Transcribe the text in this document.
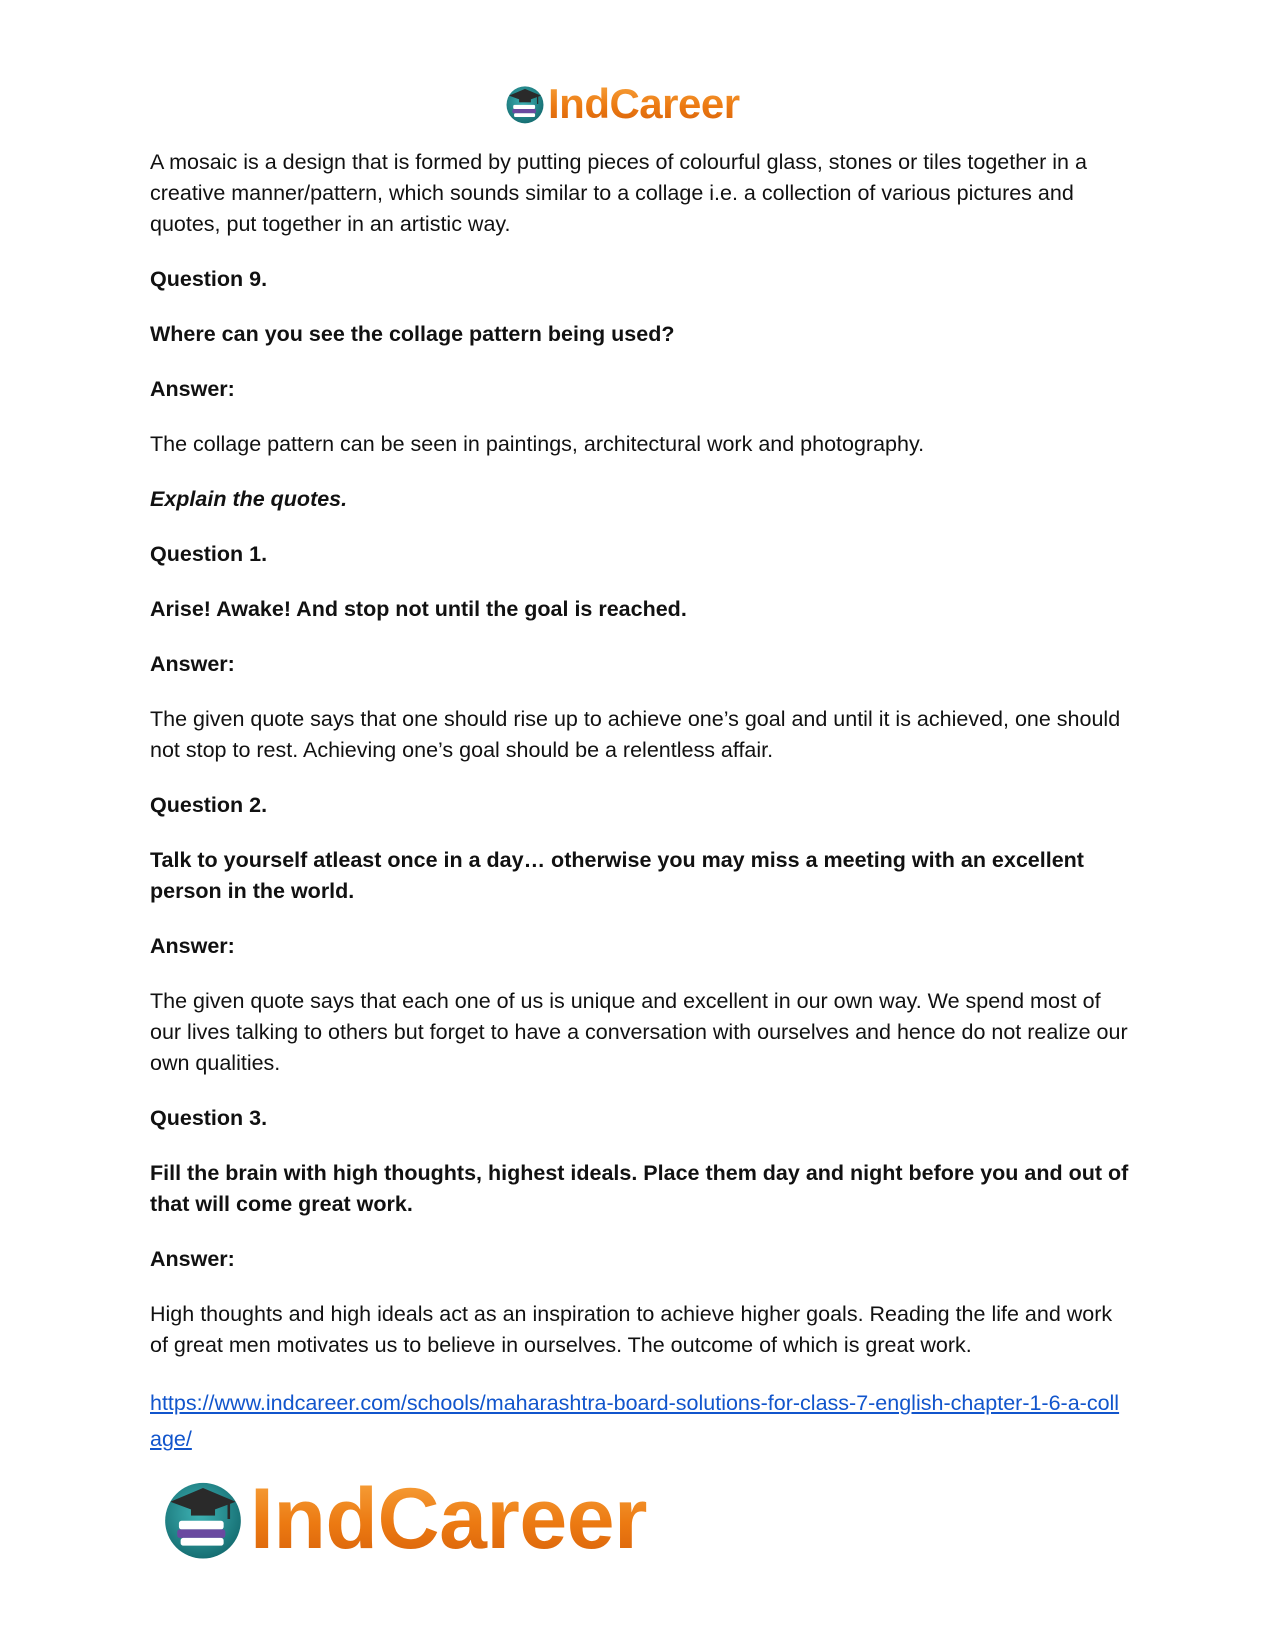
IndCareer

A mosaic is a design that is formed by putting pieces of colourful glass, stones or tiles together in a creative manner/pattern, which sounds similar to a collage i.e. a collection of various pictures and quotes, put together in an artistic way.

Question 9.

Where can you see the collage pattern being used?

Answer:

The collage pattern can be seen in paintings, architectural work and photography.

Explain the quotes.

Question 1.

Arise! Awake! And stop not until the goal is reached.

Answer:

The given quote says that one should rise up to achieve one’s goal and until it is achieved, one should not stop to rest. Achieving one’s goal should be a relentless affair.

Question 2.

Talk to yourself atleast once in a day… otherwise you may miss a meeting with an excellent person in the world.

Answer:

The given quote says that each one of us is unique and excellent in our own way. We spend most of our lives talking to others but forget to have a conversation with ourselves and hence do not realize our own qualities.

Question 3.

Fill the brain with high thoughts, highest ideals. Place them day and night before you and out of that will come great work.

Answer:

High thoughts and high ideals act as an inspiration to achieve higher goals. Reading the life and work of great men motivates us to believe in ourselves. The outcome of which is great work.

https://www.indcareer.com/schools/maharashtra-board-solutions-for-class-7-english-chapter-1-6-a-collage/
IndCareer
